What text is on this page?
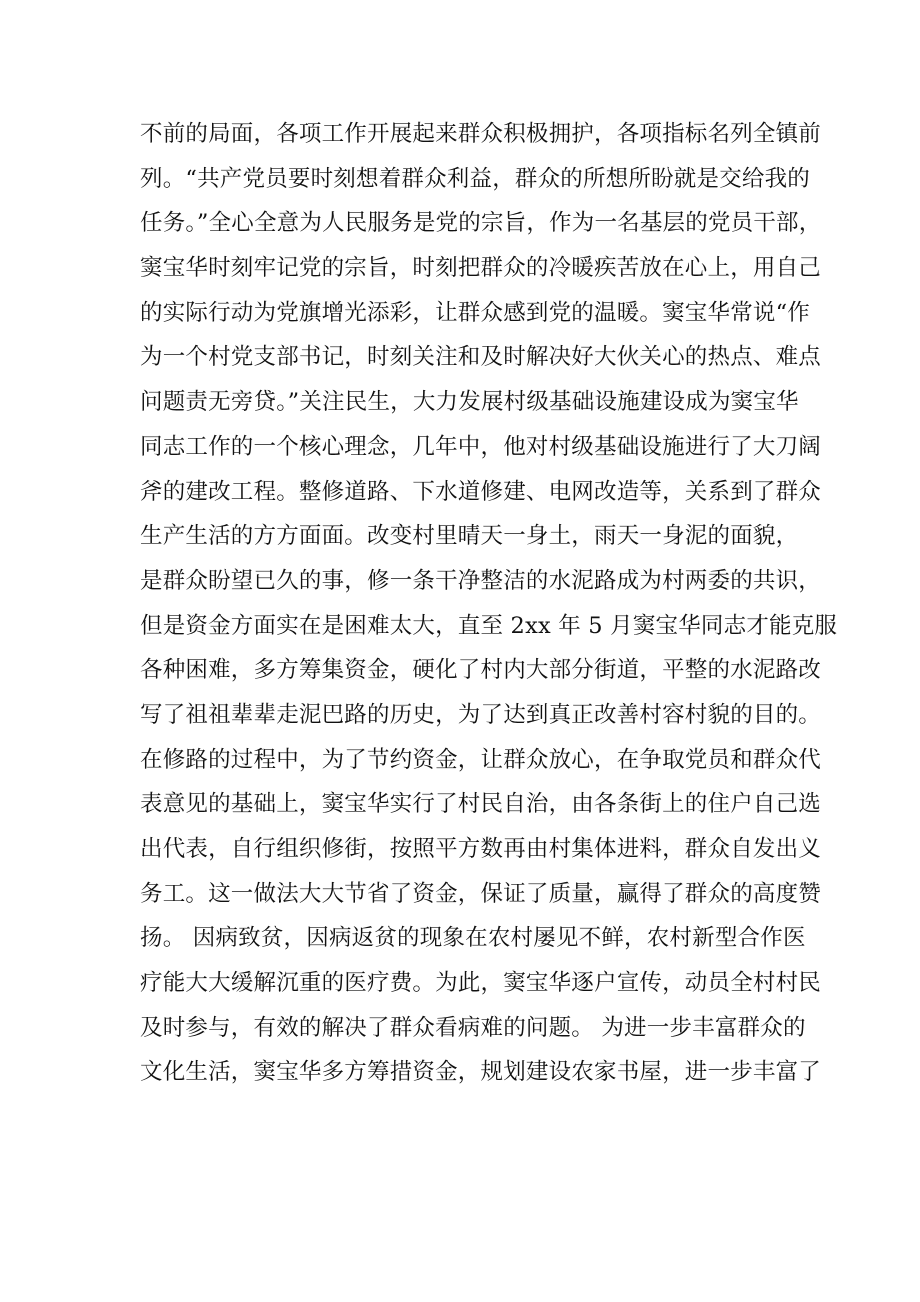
不前的局面，各项工作开展起来群众积极拥护，各项指标名列全镇前
列。“共产党员要时刻想着群众利益，群众的所想所盼就是交给我的
任务。”全心全意为人民服务是党的宗旨，作为一名基层的党员干部，
窦宝华时刻牢记党的宗旨，时刻把群众的冷暖疾苦放在心上，用自己
的实际行动为党旗增光添彩，让群众感到党的温暖。窦宝华常说“作
为一个村党支部书记，时刻关注和及时解决好大伙关心的热点、难点
问题责无旁贷。”关注民生，大力发展村级基础设施建设成为窦宝华
同志工作的一个核心理念，几年中，他对村级基础设施进行了大刀阔
斧的建改工程。整修道路、下水道修建、电网改造等，关系到了群众
生产生活的方方面面。改变村里晴天一身土，雨天一身泥的面貌，
是群众盼望已久的事，修一条干净整洁的水泥路成为村两委的共识，
但是资金方面实在是困难太大，直至 2xx 年 5 月窦宝华同志才能克服
各种困难，多方筹集资金，硬化了村内大部分街道，平整的水泥路改
写了祖祖辈辈走泥巴路的历史，为了达到真正改善村容村貌的目的。
在修路的过程中，为了节约资金，让群众放心，在争取党员和群众代
表意见的基础上，窦宝华实行了村民自治，由各条街上的住户自己选
出代表，自行组织修街，按照平方数再由村集体进料，群众自发出义
务工。这一做法大大节省了资金，保证了质量，赢得了群众的高度赞
扬。 因病致贫，因病返贫的现象在农村屡见不鲜，农村新型合作医
疗能大大缓解沉重的医疗费。为此，窦宝华逐户宣传，动员全村村民
及时参与，有效的解决了群众看病难的问题。 为进一步丰富群众的
文化生活，窦宝华多方筹措资金，规划建设农家书屋，进一步丰富了
